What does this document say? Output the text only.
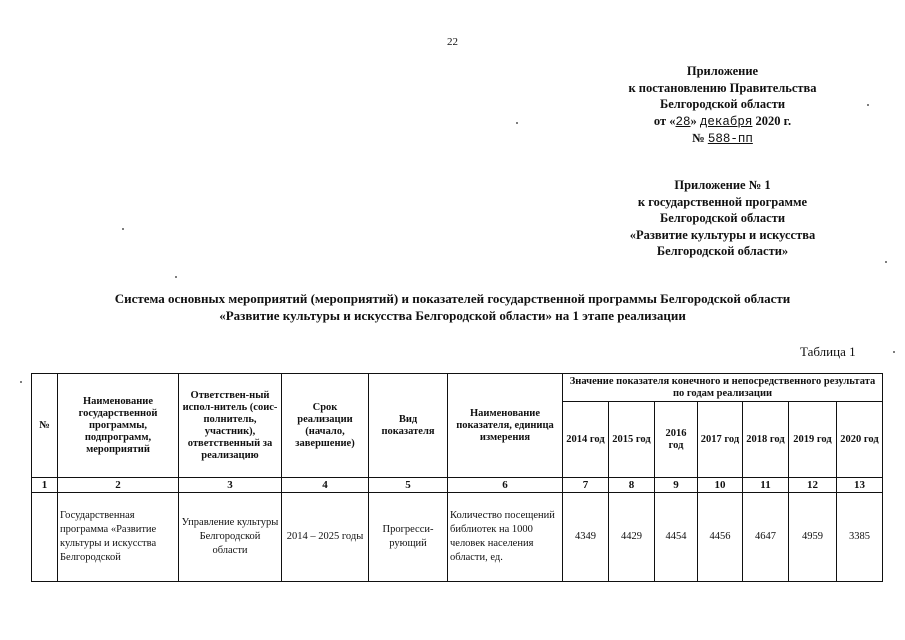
22
Приложение
к постановлению Правительства
Белгородской области
от «28» декабря 2020 г.
№ 588-пп
Приложение № 1
к государственной программе
Белгородской области
«Развитие культуры и искусства
Белгородской области»
Система основных мероприятий (мероприятий) и показателей государственной программы Белгородской области
«Развитие культуры и искусства Белгородской области» на 1 этапе реализации
Таблица 1
№	Наименование государственной программы, подпрограмм, мероприятий	Ответствен-ный испол-нитель (соис-полнитель, участник), ответственный за реализацию	Срок реализации (начало, завершение)	Вид показателя	Наименование показателя, единица измерения	Значение показателя конечного и непосредственного результата по годам реализации						
						2014 год	2015 год	2016 год	2017 год	2018 год	2019 год	2020 год
1	2	3	4	5	6	7	8	9	10	11	12	13
	Государственная программа «Развитие культуры и искусства Белгородской	Управление культуры Белгородской области	2014 – 2025 годы	Прогресси-рующий	Количество посещений библиотек на 1000 человек населения области, ед.	4349	4429	4454	4456	4647	4959	3385
